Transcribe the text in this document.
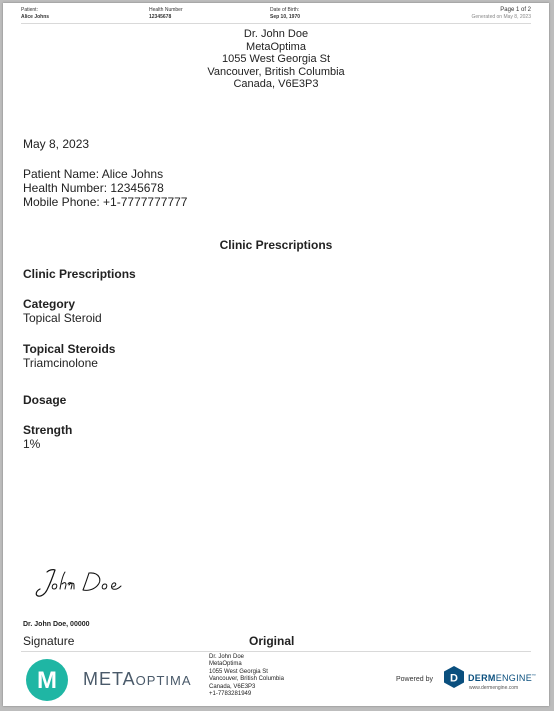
Patient:
Alice Johns
Health Number
12345678
Date of Birth:
Sep 10, 1970
Page 1 of 2
Generated on May 8, 2023
Dr. John Doe
MetaOptima
1055 West Georgia St
Vancouver, British Columbia
Canada, V6E3P3
May 8, 2023
Patient Name: Alice Johns
Health Number: 12345678
Mobile Phone: +1-7777777777
Clinic Prescriptions
Clinic Prescriptions
Category
Topical Steroid
Topical Steroids
Triamcinolone
Dosage
Strength
1%
Dr. John Doe, 00000
Signature	Original
M METAOPTIMA
Dr. John Doe
MetaOptima
1055 West Georgia St
Vancouver, British Columbia
Canada, V6E3P3
+1-7783281949
Powered by D DERMENGINE™
www.dermengine.com
